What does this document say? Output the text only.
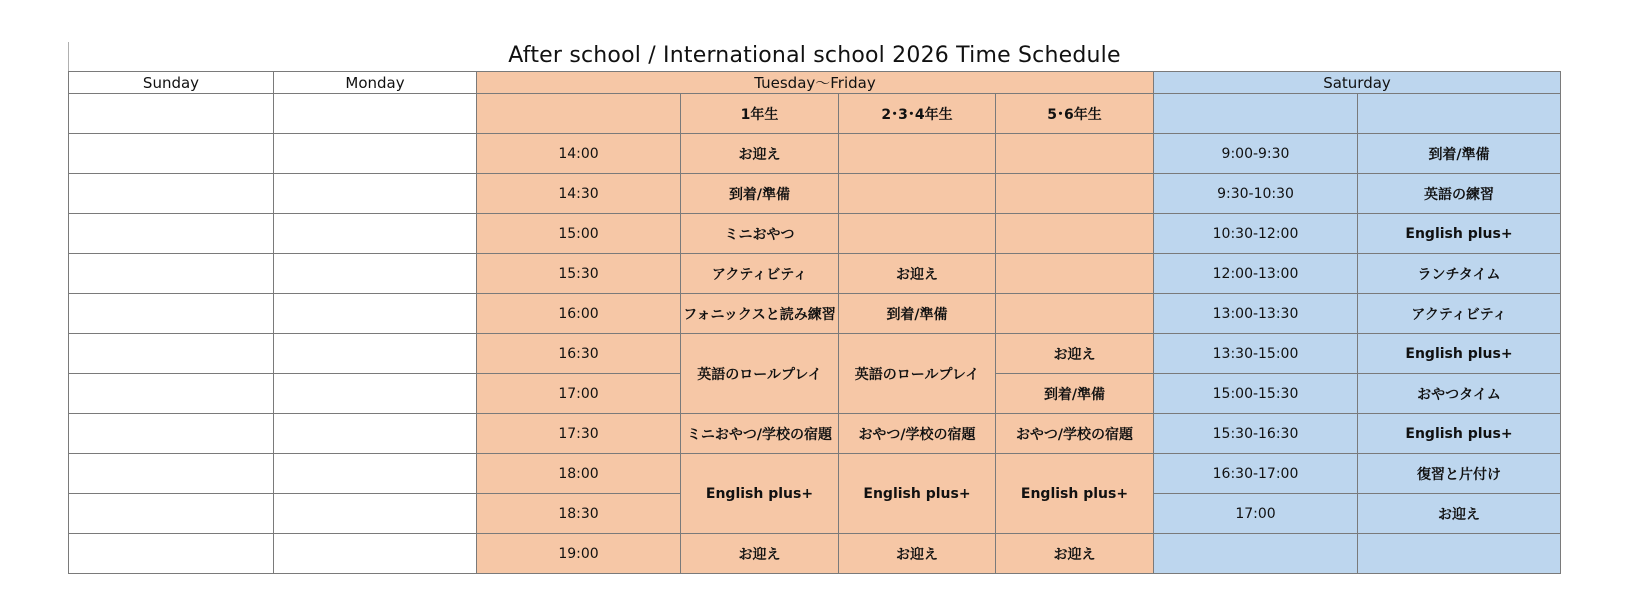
After school / International school 2026 Time Schedule
Sunday	Monday	Tuesday～Friday				Saturday	
			1年生	2･3･4年生	5･6年生		
		14:00	お迎え			9:00-9:30	到着/準備
		14:30	到着/準備			9:30-10:30	英語の練習
		15:00	ミニおやつ			10:30-12:00	English plus+
		15:30	アクティビティ	お迎え		12:00-13:00	ランチタイム
		16:00	フォニックスと読み練習	到着/準備		13:00-13:30	アクティビティ
		16:30	英語のロールプレイ	英語のロールプレイ	お迎え	13:30-15:00	English plus+
		17:00			到着/準備	15:00-15:30	おやつタイム
		17:30	ミニおやつ/学校の宿題	おやつ/学校の宿題	おやつ/学校の宿題	15:30-16:30	English plus+
		18:00	English plus+	English plus+	English plus+	16:30-17:00	復習と片付け
		18:30				17:00	お迎え
		19:00	お迎え	お迎え	お迎え		
